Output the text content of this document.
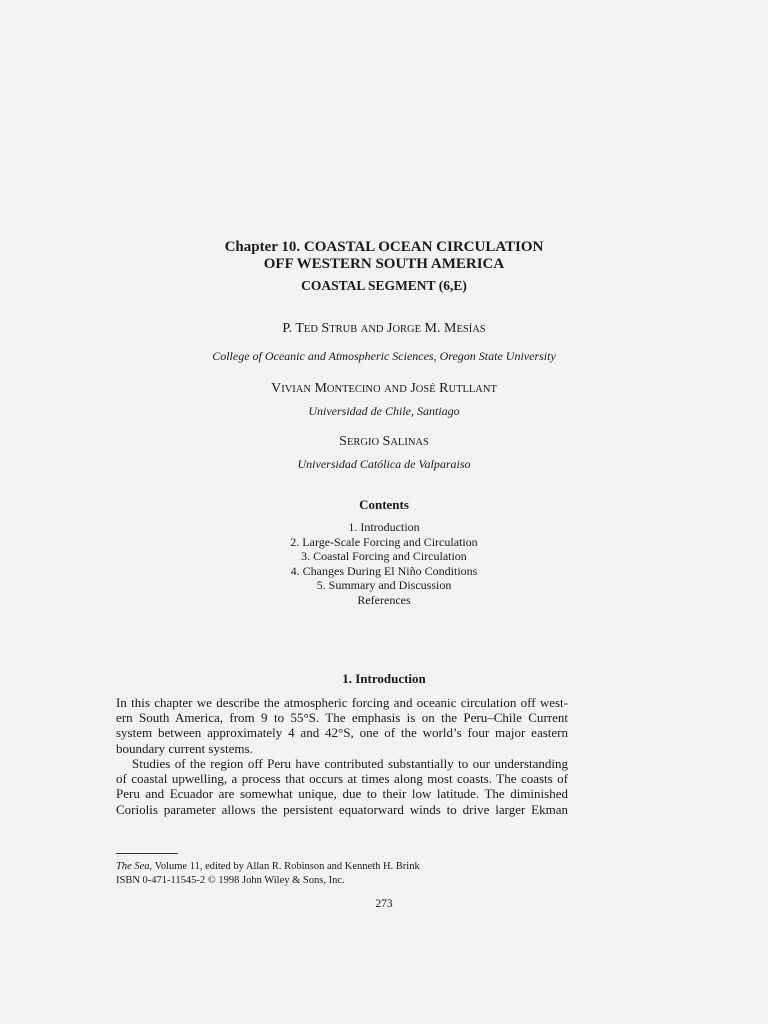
Chapter 10. COASTAL OCEAN CIRCULATION
OFF WESTERN SOUTH AMERICA
COASTAL SEGMENT (6,E)
P. TED STRUB AND JORGE M. MESÍAS
College of Oceanic and Atmospheric Sciences, Oregon State University
VIVIAN MONTECINO AND JOSÉ RUTLLANT
Universidad de Chile, Santiago
SERGIO SALINAS
Universidad Católica de Valparaiso
Contents
1. Introduction
2. Large-Scale Forcing and Circulation
3. Coastal Forcing and Circulation
4. Changes During El Niño Conditions
5. Summary and Discussion
References
1. Introduction
In this chapter we describe the atmospheric forcing and oceanic circulation off west-
ern South America, from 9 to 55°S. The emphasis is on the Peru–Chile Current
system between approximately 4 and 42°S, one of the world’s four major eastern
boundary current systems.
Studies of the region off Peru have contributed substantially to our understanding
of coastal upwelling, a process that occurs at times along most coasts. The coasts of
Peru and Ecuador are somewhat unique, due to their low latitude. The diminished
Coriolis parameter allows the persistent equatorward winds to drive larger Ekman
The Sea, Volume 11, edited by Allan R. Robinson and Kenneth H. Brink
ISBN 0-471-11545-2 © 1998 John Wiley & Sons, Inc.
273
